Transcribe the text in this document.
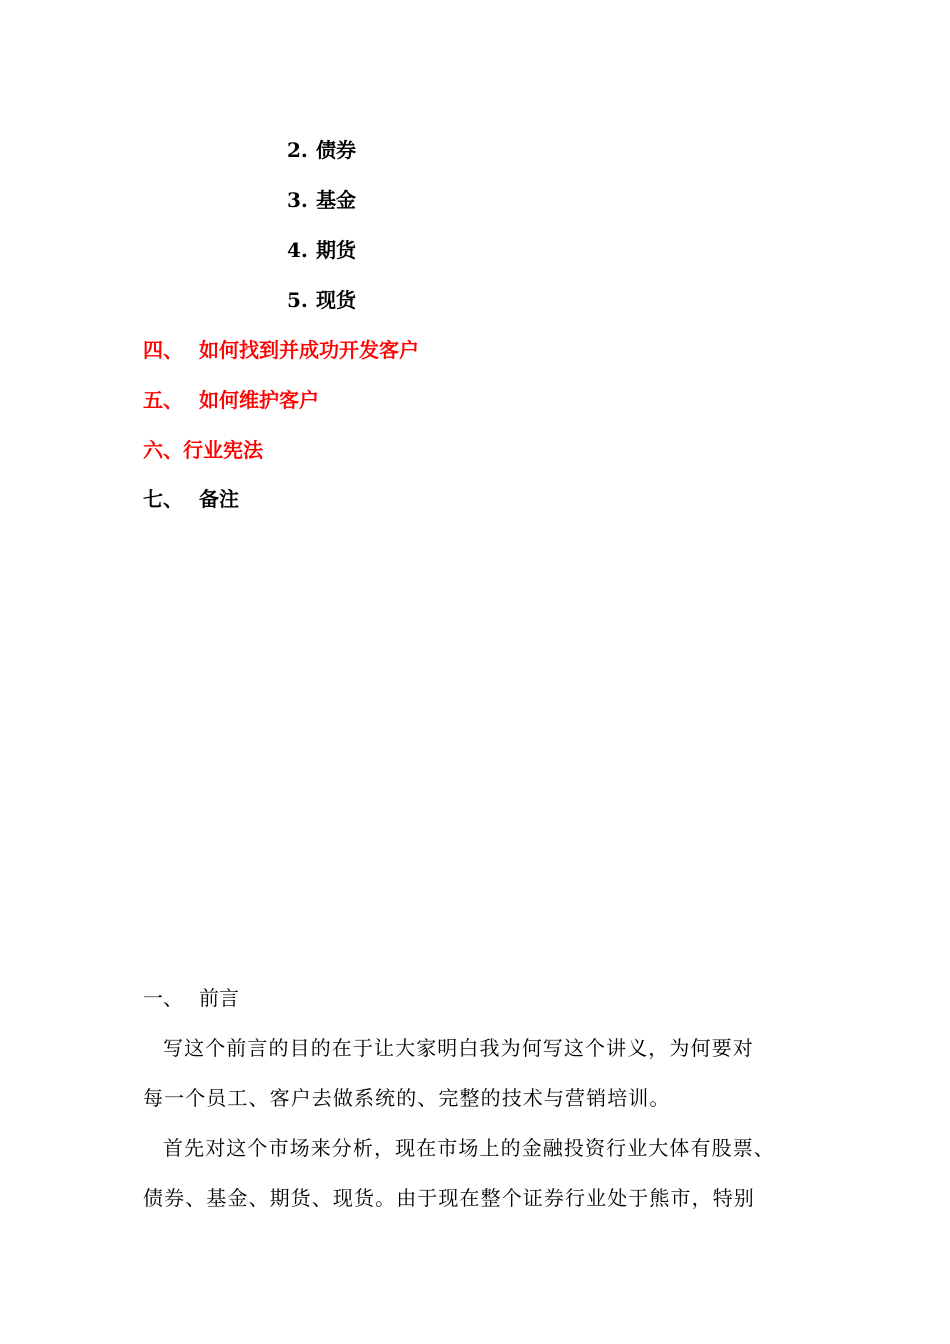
2. 债券
3. 基金
4. 期货
5. 现货
四、 如何找到并成功开发客户
五、 如何维护客户
六、行业宪法
七、 备注
一、 前言
写这个前言的目的在于让大家明白我为何写这个讲义，为何要对
每一个员工、客户去做系统的、完整的技术与营销培训。
首先对这个市场来分析，现在市场上的金融投资行业大体有股票、
债券、基金、期货、现货。由于现在整个证券行业处于熊市，特别
